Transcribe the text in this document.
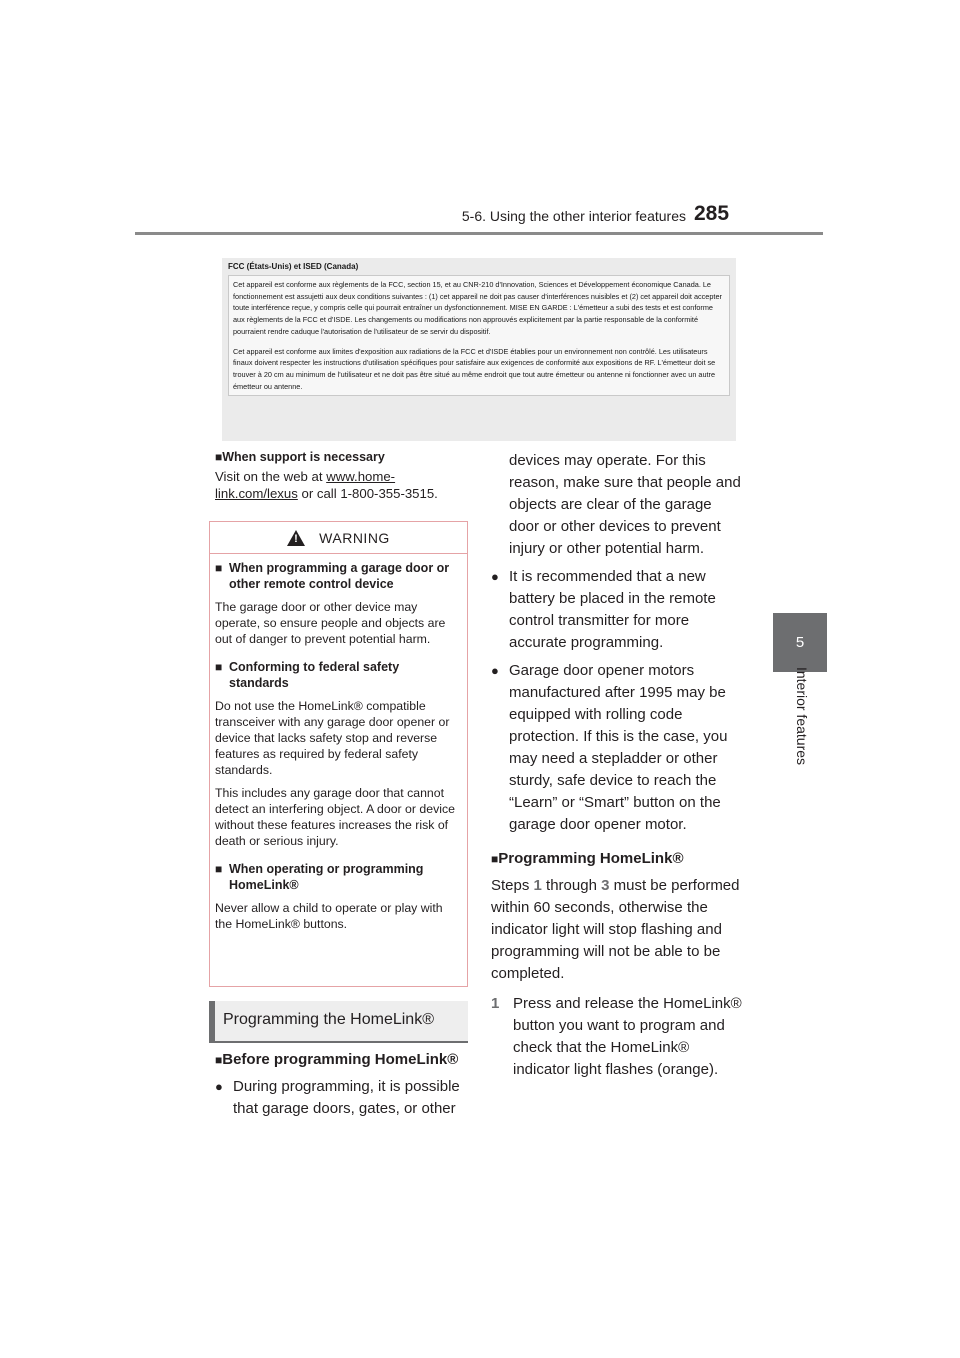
5-6. Using the other interior features 285
5
Interior features
FCC (États-Unis) et ISED (Canada)

Cet appareil est conforme aux règlements de la FCC, section 15, et au CNR-210 d'Innovation, Sciences et Développement économique Canada. Le fonctionnement est assujetti aux deux conditions suivantes : (1) cet appareil ne doit pas causer d'interférences nuisibles et (2) cet appareil doit accepter toute interférence reçue, y compris celle qui pourrait entraîner un dysfonctionnement. MISE EN GARDE : L'émetteur a subi des tests et est conforme aux règlements de la FCC et d'ISDE. Les changements ou modifications non approuvés explicitement par la partie responsable de la conformité pourraient rendre caduque l'autorisation de l'utilisateur de se servir du dispositif.

Cet appareil est conforme aux limites d'exposition aux radiations de la FCC et d'ISDE établies pour un environnement non contrôlé. Les utilisateurs finaux doivent respecter les instructions d'utilisation spécifiques pour satisfaire aux exigences de conformité aux expositions de RF. L'émetteur doit se trouver à 20 cm au minimum de l'utilisateur et ne doit pas être situé au même endroit que tout autre émetteur ou antenne ni fonctionner avec un autre émetteur ou antenne.

■When support is necessary
Visit on the web at www.home-link.com/lexus or call 1-800-355-3515.
! WARNING
■ When programming a garage door or other remote control device

The garage door or other device may operate, so ensure people and objects are out of danger to prevent potential harm.

■ Conforming to federal safety standards

Do not use the HomeLink® compatible transceiver with any garage door opener or device that lacks safety stop and reverse features as required by federal safety standards.

This includes any garage door that cannot detect an interfering object. A door or device without these features increases the risk of death or serious injury.

■ When operating or programming HomeLink®

Never allow a child to operate or play with the HomeLink® buttons.

Programming the HomeLink®
■Before programming HomeLink®
● During programming, it is possible that garage doors, gates, or other
devices may operate. For this reason, make sure that people and objects are clear of the garage door or other devices to prevent injury or other potential harm.
● It is recommended that a new battery be placed in the remote control transmitter for more accurate programming.
● Garage door opener motors manufactured after 1995 may be equipped with rolling code protection. If this is the case, you may need a stepladder or other sturdy, safe device to reach the “Learn” or “Smart” button on the garage door opener motor.
■Programming HomeLink®
Steps 1 through 3 must be performed within 60 seconds, otherwise the indicator light will stop flashing and programming will not be able to be completed.
1 Press and release the HomeLink® button you want to program and check that the HomeLink® indicator light flashes (orange).
